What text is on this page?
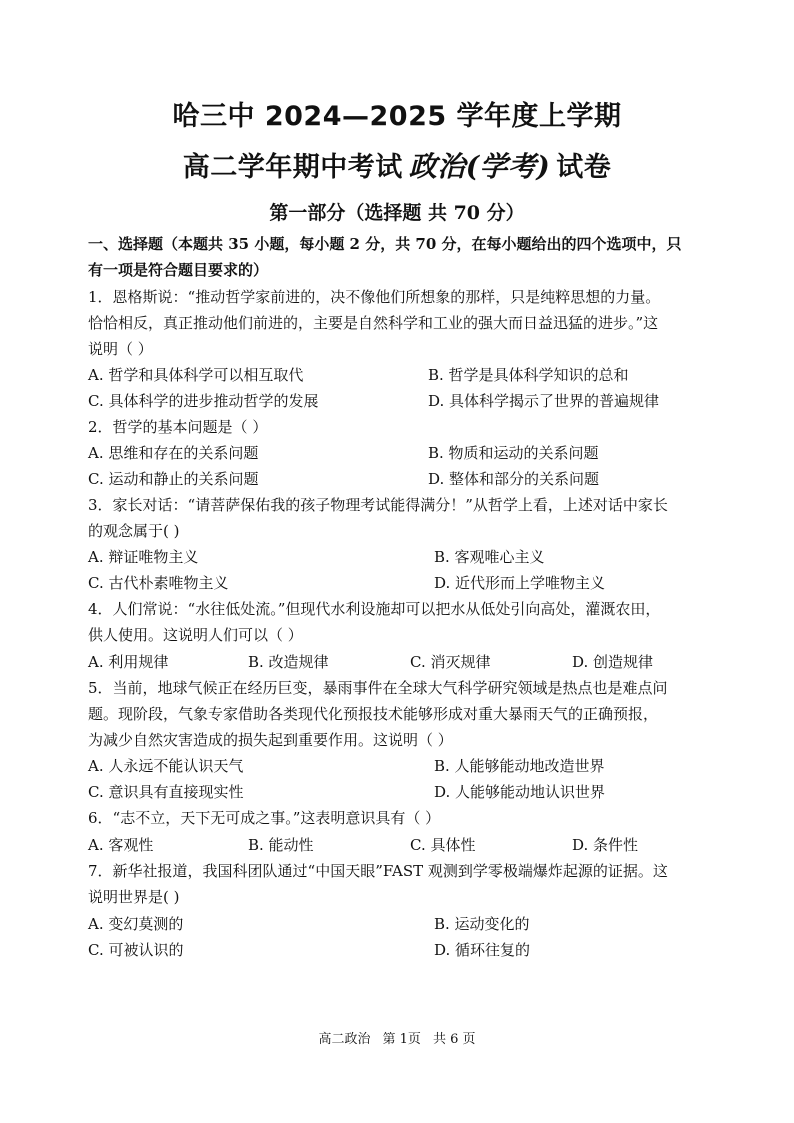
哈三中 2024—2025 学年度上学期
高二学年期中考试 政治(学考) 试卷
第一部分（选择题 共 70 分）
一、选择题（本题共 35 小题，每小题 2 分，共 70 分，在每小题给出的四个选项中，只
有一项是符合题目要求的）
1．恩格斯说：“推动哲学家前进的，决不像他们所想象的那样，只是纯粹思想的力量。
恰恰相反，真正推动他们前进的，主要是自然科学和工业的强大而日益迅猛的进步。”这
说明（ ）
A. 哲学和具体科学可以相互取代	B. 哲学是具体科学知识的总和
C. 具体科学的进步推动哲学的发展	D. 具体科学揭示了世界的普遍规律
2．哲学的基本问题是（ ）
A. 思维和存在的关系问题	B. 物质和运动的关系问题
C. 运动和静止的关系问题	D. 整体和部分的关系问题
3．家长对话：“请菩萨保佑我的孩子物理考试能得满分！”从哲学上看，上述对话中家长
的观念属于( )
A. 辩证唯物主义	B. 客观唯心主义
C. 古代朴素唯物主义	D. 近代形而上学唯物主义
4．人们常说：“水往低处流。”但现代水利设施却可以把水从低处引向高处，灌溉农田，
供人使用。这说明人们可以（ ）
A. 利用规律	B. 改造规律	C. 消灭规律	D. 创造规律
5．当前，地球气候正在经历巨变，暴雨事件在全球大气科学研究领域是热点也是难点问
题。现阶段，气象专家借助各类现代化预报技术能够形成对重大暴雨天气的正确预报，
为减少自然灾害造成的损失起到重要作用。这说明（ ）
A. 人永远不能认识天气	B. 人能够能动地改造世界
C. 意识具有直接现实性	D. 人能够能动地认识世界
6．“志不立，天下无可成之事。”这表明意识具有（ ）
A. 客观性	B. 能动性	C. 具体性	D. 条件性
7．新华社报道，我国科团队通过“中国天眼”FAST 观测到学零极端爆炸起源的证据。这
说明世界是( )
A. 变幻莫测的	B. 运动变化的
C. 可被认识的	D. 循环往复的
高二政治 第 1页 共 6 页
